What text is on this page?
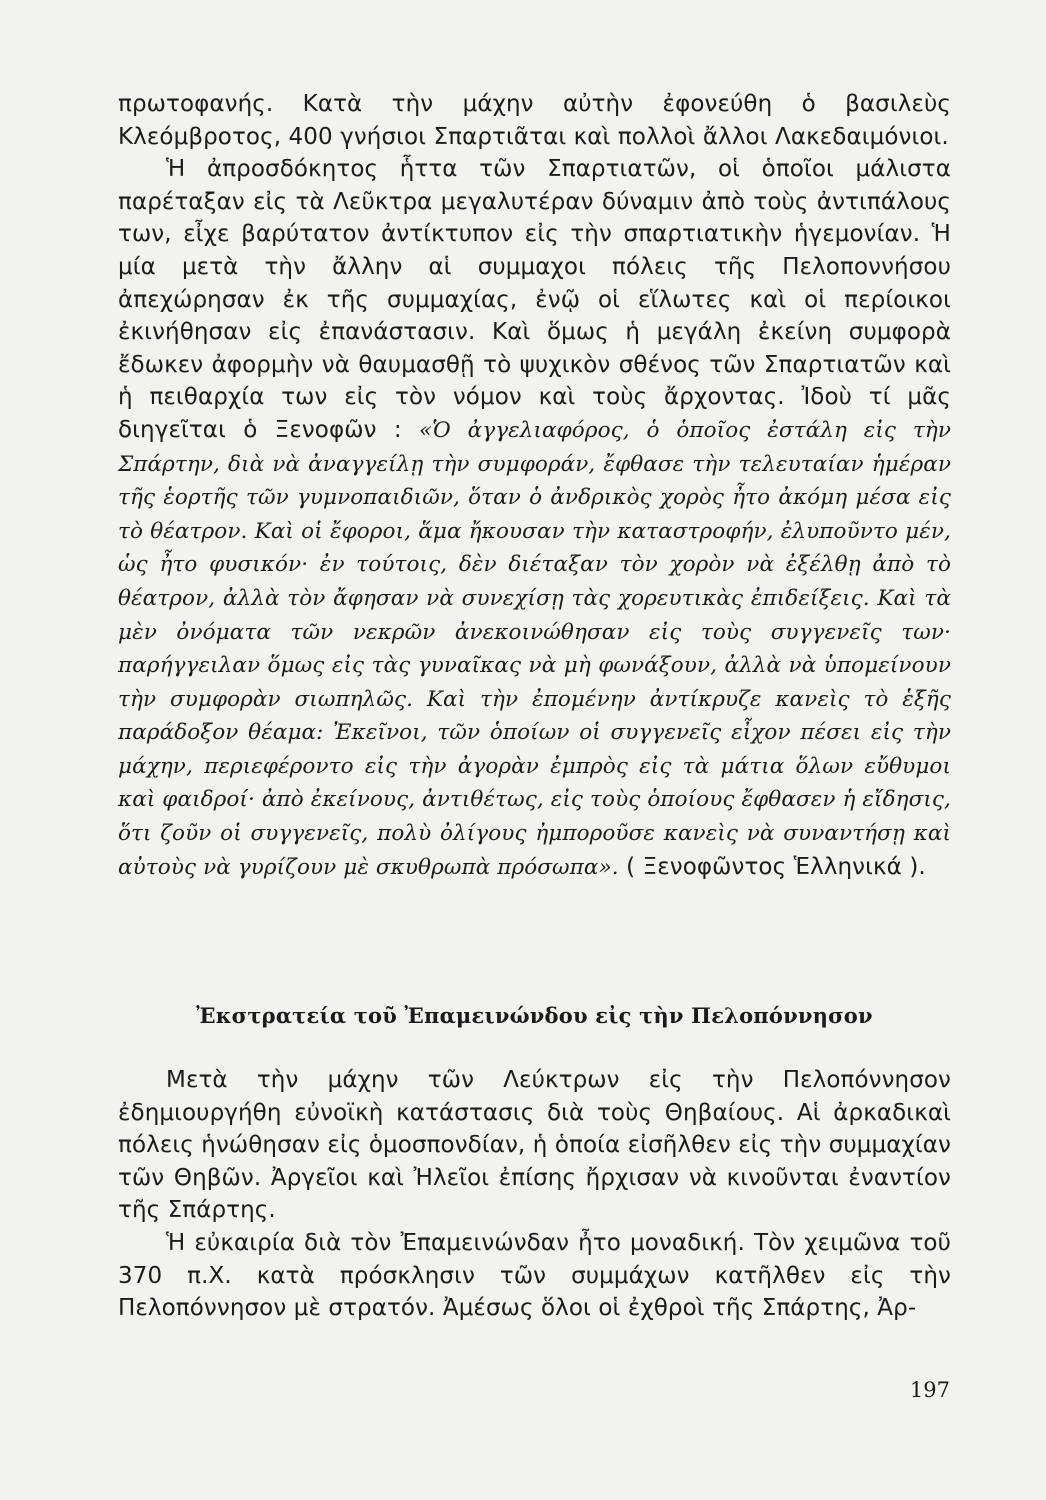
πρωτοφανής. Κατὰ τὴν μάχην αὐτὴν ἐφονεύθη ὁ βασιλεὺς Κλεόμβροτος, 400 γνήσιοι Σπαρτιᾶται καὶ πολλοὶ ἄλλοι Λακεδαιμόνιοι.

Ἡ ἀπροσδόκητος ἧττα τῶν Σπαρτιατῶν, οἱ ὁποῖοι μάλιστα παρέταξαν εἰς τὰ Λεῦκτρα μεγαλυτέραν δύναμιν ἀπὸ τοὺς ἀντιπάλους των, εἶχε βαρύτατον ἀντίκτυπον εἰς τὴν σπαρτιατικὴν ἡγεμονίαν. Ἡ μία μετὰ τὴν ἄλλην αἱ συμμαχοι πόλεις τῆς Πελοποννήσου ἀπεχώρησαν ἐκ τῆς συμμαχίας, ἐνῷ οἱ εἵλωτες καὶ οἱ περίοικοι ἐκινήθησαν εἰς ἐπανάστασιν. Καὶ ὅμως ἡ μεγάλη ἐκείνη συμφορὰ ἔδωκεν ἀφορμὴν νὰ θαυμασθῇ τὸ ψυχικὸν σθένος τῶν Σπαρτιατῶν καὶ ἡ πειθαρχία των εἰς τὸν νόμον καὶ τοὺς ἄρχοντας. Ἰδοὺ τί μᾶς διηγεῖται ὁ Ξενοφῶν : «Ὁ ἀγγελιαφόρος, ὁ ὁποῖος ἐστάλη εἰς τὴν Σπάρτην, διὰ νὰ ἀναγγείλῃ τὴν συμφοράν, ἔφθασε τὴν τελευταίαν ἡμέραν τῆς ἑορτῆς τῶν γυμνοπαιδιῶν, ὅταν ὁ ἀνδρικὸς χορὸς ἦτο ἀκόμη μέσα εἰς τὸ θέατρον. Καὶ οἱ ἔφοροι, ἅμα ἤκουσαν τὴν καταστροφήν, ἐλυποῦντο μέν, ὡς ἦτο φυσικόν· ἐν τούτοις, δὲν διέταξαν τὸν χορὸν νὰ ἐξέλθῃ ἀπὸ τὸ θέατρον, ἀλλὰ τὸν ἄφησαν νὰ συνεχίσῃ τὰς χορευτικὰς ἐπιδείξεις. Καὶ τὰ μὲν ὀνόματα τῶν νεκρῶν ἀνεκοινώθησαν εἰς τοὺς συγγενεῖς των· παρήγγειλαν ὅμως εἰς τὰς γυναῖκας νὰ μὴ φωνάξουν, ἀλλὰ νὰ ὑπομείνουν τὴν συμφορὰν σιωπηλῶς. Καὶ τὴν ἐπομένην ἀντίκρυζε κανεὶς τὸ ἑξῆς παράδοξον θέαμα: Ἐκεῖνοι, τῶν ὁποίων οἱ συγγενεῖς εἶχον πέσει εἰς τὴν μάχην, περιεφέροντο εἰς τὴν ἀγορὰν ἐμπρὸς εἰς τὰ μάτια ὅλων εὔθυμοι καὶ φαιδροί· ἀπὸ ἐκείνους, ἀντιθέτως, εἰς τοὺς ὁποίους ἔφθασεν ἡ εἴδησις, ὅτι ζοῦν οἱ συγγενεῖς, πολὺ ὀλίγους ἠμποροῦσε κανεὶς νὰ συναντήσῃ καὶ αὐτοὺς νὰ γυρίζουν μὲ σκυθρωπὰ πρόσωπα». ( Ξενοφῶντος Ἑλληνικά ).

Ἐκστρατεία τοῦ Ἐπαμεινώνδου εἰς τὴν Πελοπόννησον

Μετὰ τὴν μάχην τῶν Λεύκτρων εἰς τὴν Πελοπόννησον ἐδημιουργήθη εὐνοϊκὴ κατάστασις διὰ τοὺς Θηβαίους. Αἱ ἀρκαδικαὶ πόλεις ἡνώθησαν εἰς ὁμοσπονδίαν, ἡ ὁποία εἰσῆλθεν εἰς τὴν συμμαχίαν τῶν Θηβῶν. Ἀργεῖοι καὶ Ἠλεῖοι ἐπίσης ἤρχισαν νὰ κινοῦνται ἐναντίον τῆς Σπάρτης.

Ἡ εὐκαιρία διὰ τὸν Ἐπαμεινώνδαν ἦτο μοναδική. Τὸν χειμῶνα τοῦ 370 π.Χ. κατὰ πρόσκλησιν τῶν συμμάχων κατῆλθεν εἰς τὴν Πελοπόννησον μὲ στρατόν. Ἀμέσως ὅλοι οἱ ἐχθροὶ τῆς Σπάρτης, Ἀρ-

197
